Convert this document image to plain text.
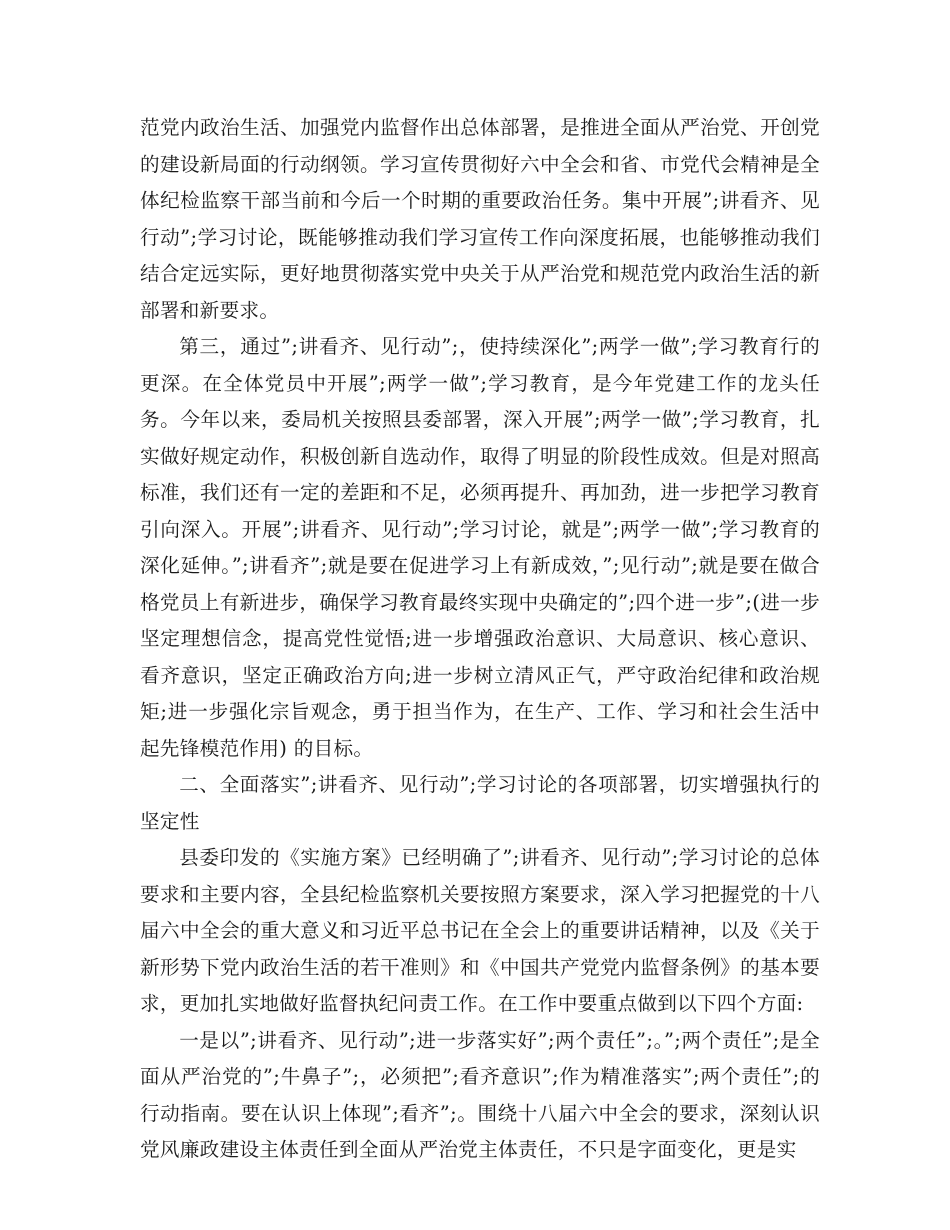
范党内政治生活、加强党内监督作出总体部署，是推进全面从严治党、开创党的建设新局面的行动纲领。学习宣传贯彻好六中全会和省、市党代会精神是全体纪检监察干部当前和今后一个时期的重要政治任务。集中开展”;讲看齐、见行动”;学习讨论，既能够推动我们学习宣传工作向深度拓展，也能够推动我们结合定远实际，更好地贯彻落实党中央关于从严治党和规范党内政治生活的新部署和新要求。

第三，通过”;讲看齐、见行动”;，使持续深化”;两学一做”;学习教育行的更深。在全体党员中开展”;两学一做”;学习教育，是今年党建工作的龙头任务。今年以来，委局机关按照县委部署，深入开展”;两学一做”;学习教育，扎实做好规定动作，积极创新自选动作，取得了明显的阶段性成效。但是对照高标准，我们还有一定的差距和不足，必须再提升、再加劲，进一步把学习教育引向深入。开展”;讲看齐、见行动”;学习讨论，就是”;两学一做”;学习教育的深化延伸。”;讲看齐”;就是要在促进学习上有新成效，”;见行动”;就是要在做合格党员上有新进步，确保学习教育最终实现中央确定的”;四个进一步”;(进一步坚定理想信念，提高党性觉悟;进一步增强政治意识、大局意识、核心意识、看齐意识，坚定正确政治方向;进一步树立清风正气，严守政治纪律和政治规矩;进一步强化宗旨观念，勇于担当作为，在生产、工作、学习和社会生活中起先锋模范作用) 的目标。

二、全面落实”;讲看齐、见行动”;学习讨论的各项部署，切实增强执行的坚定性

县委印发的《实施方案》已经明确了”;讲看齐、见行动”;学习讨论的总体要求和主要内容，全县纪检监察机关要按照方案要求，深入学习把握党的十八届六中全会的重大意义和习近平总书记在全会上的重要讲话精神，以及《关于新形势下党内政治生活的若干准则》和《中国共产党党内监督条例》的基本要求，更加扎实地做好监督执纪问责工作。在工作中要重点做到以下四个方面:

一是以”;讲看齐、见行动”;进一步落实好”;两个责任”;。”;两个责任”;是全面从严治党的”;牛鼻子”;，必须把”;看齐意识”;作为精准落实”;两个责任”;的行动指南。要在认识上体现”;看齐”;。围绕十八届六中全会的要求，深刻认识党风廉政建设主体责任到全面从严治党主体责任，不只是字面变化，更是实
